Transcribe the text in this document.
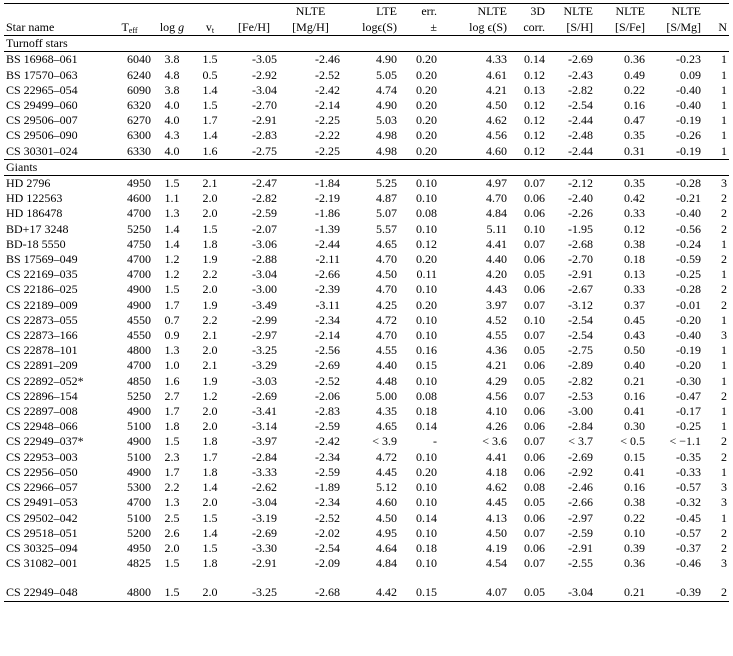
					NLTE	LTE	err.	NLTE	3D	NLTE	NLTE	NLTE	
Star name	$T_{eff}$	log g	$v_t$	[Fe/H]	[Mg/H]	logϵ(S)	±	log ϵ(S)	corr.	[S/H]	[S/Fe]	[S/Mg]	N
Turnoff stars													
BS 16968–061	6040	3.8	1.5	-3.05	-2.46	4.90	0.20	4.33	0.14	-2.69	0.36	-0.23	1
BS 17570–063	6240	4.8	0.5	-2.92	-2.52	5.05	0.20	4.61	0.12	-2.43	0.49	0.09	1
CS 22965–054	6090	3.8	1.4	-3.04	-2.42	4.74	0.20	4.21	0.13	-2.82	0.22	-0.40	1
CS 29499–060	6320	4.0	1.5	-2.70	-2.14	4.90	0.20	4.50	0.12	-2.54	0.16	-0.40	1
CS 29506–007	6270	4.0	1.7	-2.91	-2.25	5.03	0.20	4.62	0.12	-2.44	0.47	-0.19	1
CS 29506–090	6300	4.3	1.4	-2.83	-2.22	4.98	0.20	4.56	0.12	-2.48	0.35	-0.26	1
CS 30301–024	6330	4.0	1.6	-2.75	-2.25	4.98	0.20	4.60	0.12	-2.44	0.31	-0.19	1
Giants													
HD 2796	4950	1.5	2.1	-2.47	-1.84	5.25	0.10	4.97	0.07	-2.12	0.35	-0.28	3
HD 122563	4600	1.1	2.0	-2.82	-2.19	4.87	0.10	4.70	0.06	-2.40	0.42	-0.21	2
HD 186478	4700	1.3	2.0	-2.59	-1.86	5.07	0.08	4.84	0.06	-2.26	0.33	-0.40	2
BD+17 3248	5250	1.4	1.5	-2.07	-1.39	5.57	0.10	5.11	0.10	-1.95	0.12	-0.56	2
BD-18 5550	4750	1.4	1.8	-3.06	-2.44	4.65	0.12	4.41	0.07	-2.68	0.38	-0.24	1
BS 17569–049	4700	1.2	1.9	-2.88	-2.11	4.70	0.20	4.40	0.06	-2.70	0.18	-0.59	2
CS 22169–035	4700	1.2	2.2	-3.04	-2.66	4.50	0.11	4.20	0.05	-2.91	0.13	-0.25	1
CS 22186–025	4900	1.5	2.0	-3.00	-2.39	4.70	0.10	4.43	0.06	-2.67	0.33	-0.28	2
CS 22189–009	4900	1.7	1.9	-3.49	-3.11	4.25	0.20	3.97	0.07	-3.12	0.37	-0.01	2
CS 22873–055	4550	0.7	2.2	-2.99	-2.34	4.72	0.10	4.52	0.10	-2.54	0.45	-0.20	1
CS 22873–166	4550	0.9	2.1	-2.97	-2.14	4.70	0.10	4.55	0.07	-2.54	0.43	-0.40	3
CS 22878–101	4800	1.3	2.0	-3.25	-2.56	4.55	0.16	4.36	0.05	-2.75	0.50	-0.19	1
CS 22891–209	4700	1.0	2.1	-3.29	-2.69	4.40	0.15	4.21	0.06	-2.89	0.40	-0.20	1
CS 22892–052*	4850	1.6	1.9	-3.03	-2.52	4.48	0.10	4.29	0.05	-2.82	0.21	-0.30	1
CS 22896–154	5250	2.7	1.2	-2.69	-2.06	5.00	0.08	4.56	0.07	-2.53	0.16	-0.47	2
CS 22897–008	4900	1.7	2.0	-3.41	-2.83	4.35	0.18	4.10	0.06	-3.00	0.41	-0.17	1
CS 22948–066	5100	1.8	2.0	-3.14	-2.59	4.65	0.14	4.26	0.06	-2.84	0.30	-0.25	1
CS 22949–037*	4900	1.5	1.8	-3.97	-2.42	< 3.9	-	< 3.6	0.07	< 3.7	< 0.5	< −1.1	2
CS 22953–003	5100	2.3	1.7	-2.84	-2.34	4.72	0.10	4.41	0.06	-2.69	0.15	-0.35	2
CS 22956–050	4900	1.7	1.8	-3.33	-2.59	4.45	0.20	4.18	0.06	-2.92	0.41	-0.33	1
CS 22966–057	5300	2.2	1.4	-2.62	-1.89	5.12	0.10	4.62	0.08	-2.46	0.16	-0.57	3
CS 29491–053	4700	1.3	2.0	-3.04	-2.34	4.60	0.10	4.45	0.05	-2.66	0.38	-0.32	3
CS 29502–042	5100	2.5	1.5	-3.19	-2.52	4.50	0.14	4.13	0.06	-2.97	0.22	-0.45	1
CS 29518–051	5200	2.6	1.4	-2.69	-2.02	4.95	0.10	4.50	0.07	-2.59	0.10	-0.57	2
CS 30325–094	4950	2.0	1.5	-3.30	-2.54	4.64	0.18	4.19	0.06	-2.91	0.39	-0.37	2
CS 31082–001	4825	1.5	1.8	-2.91	-2.09	4.84	0.10	4.54	0.07	-2.55	0.36	-0.46	3

CS 22949–048	4800	1.5	2.0	-3.25	-2.68	4.42	0.15	4.07	0.05	-3.04	0.21	-0.39	2
